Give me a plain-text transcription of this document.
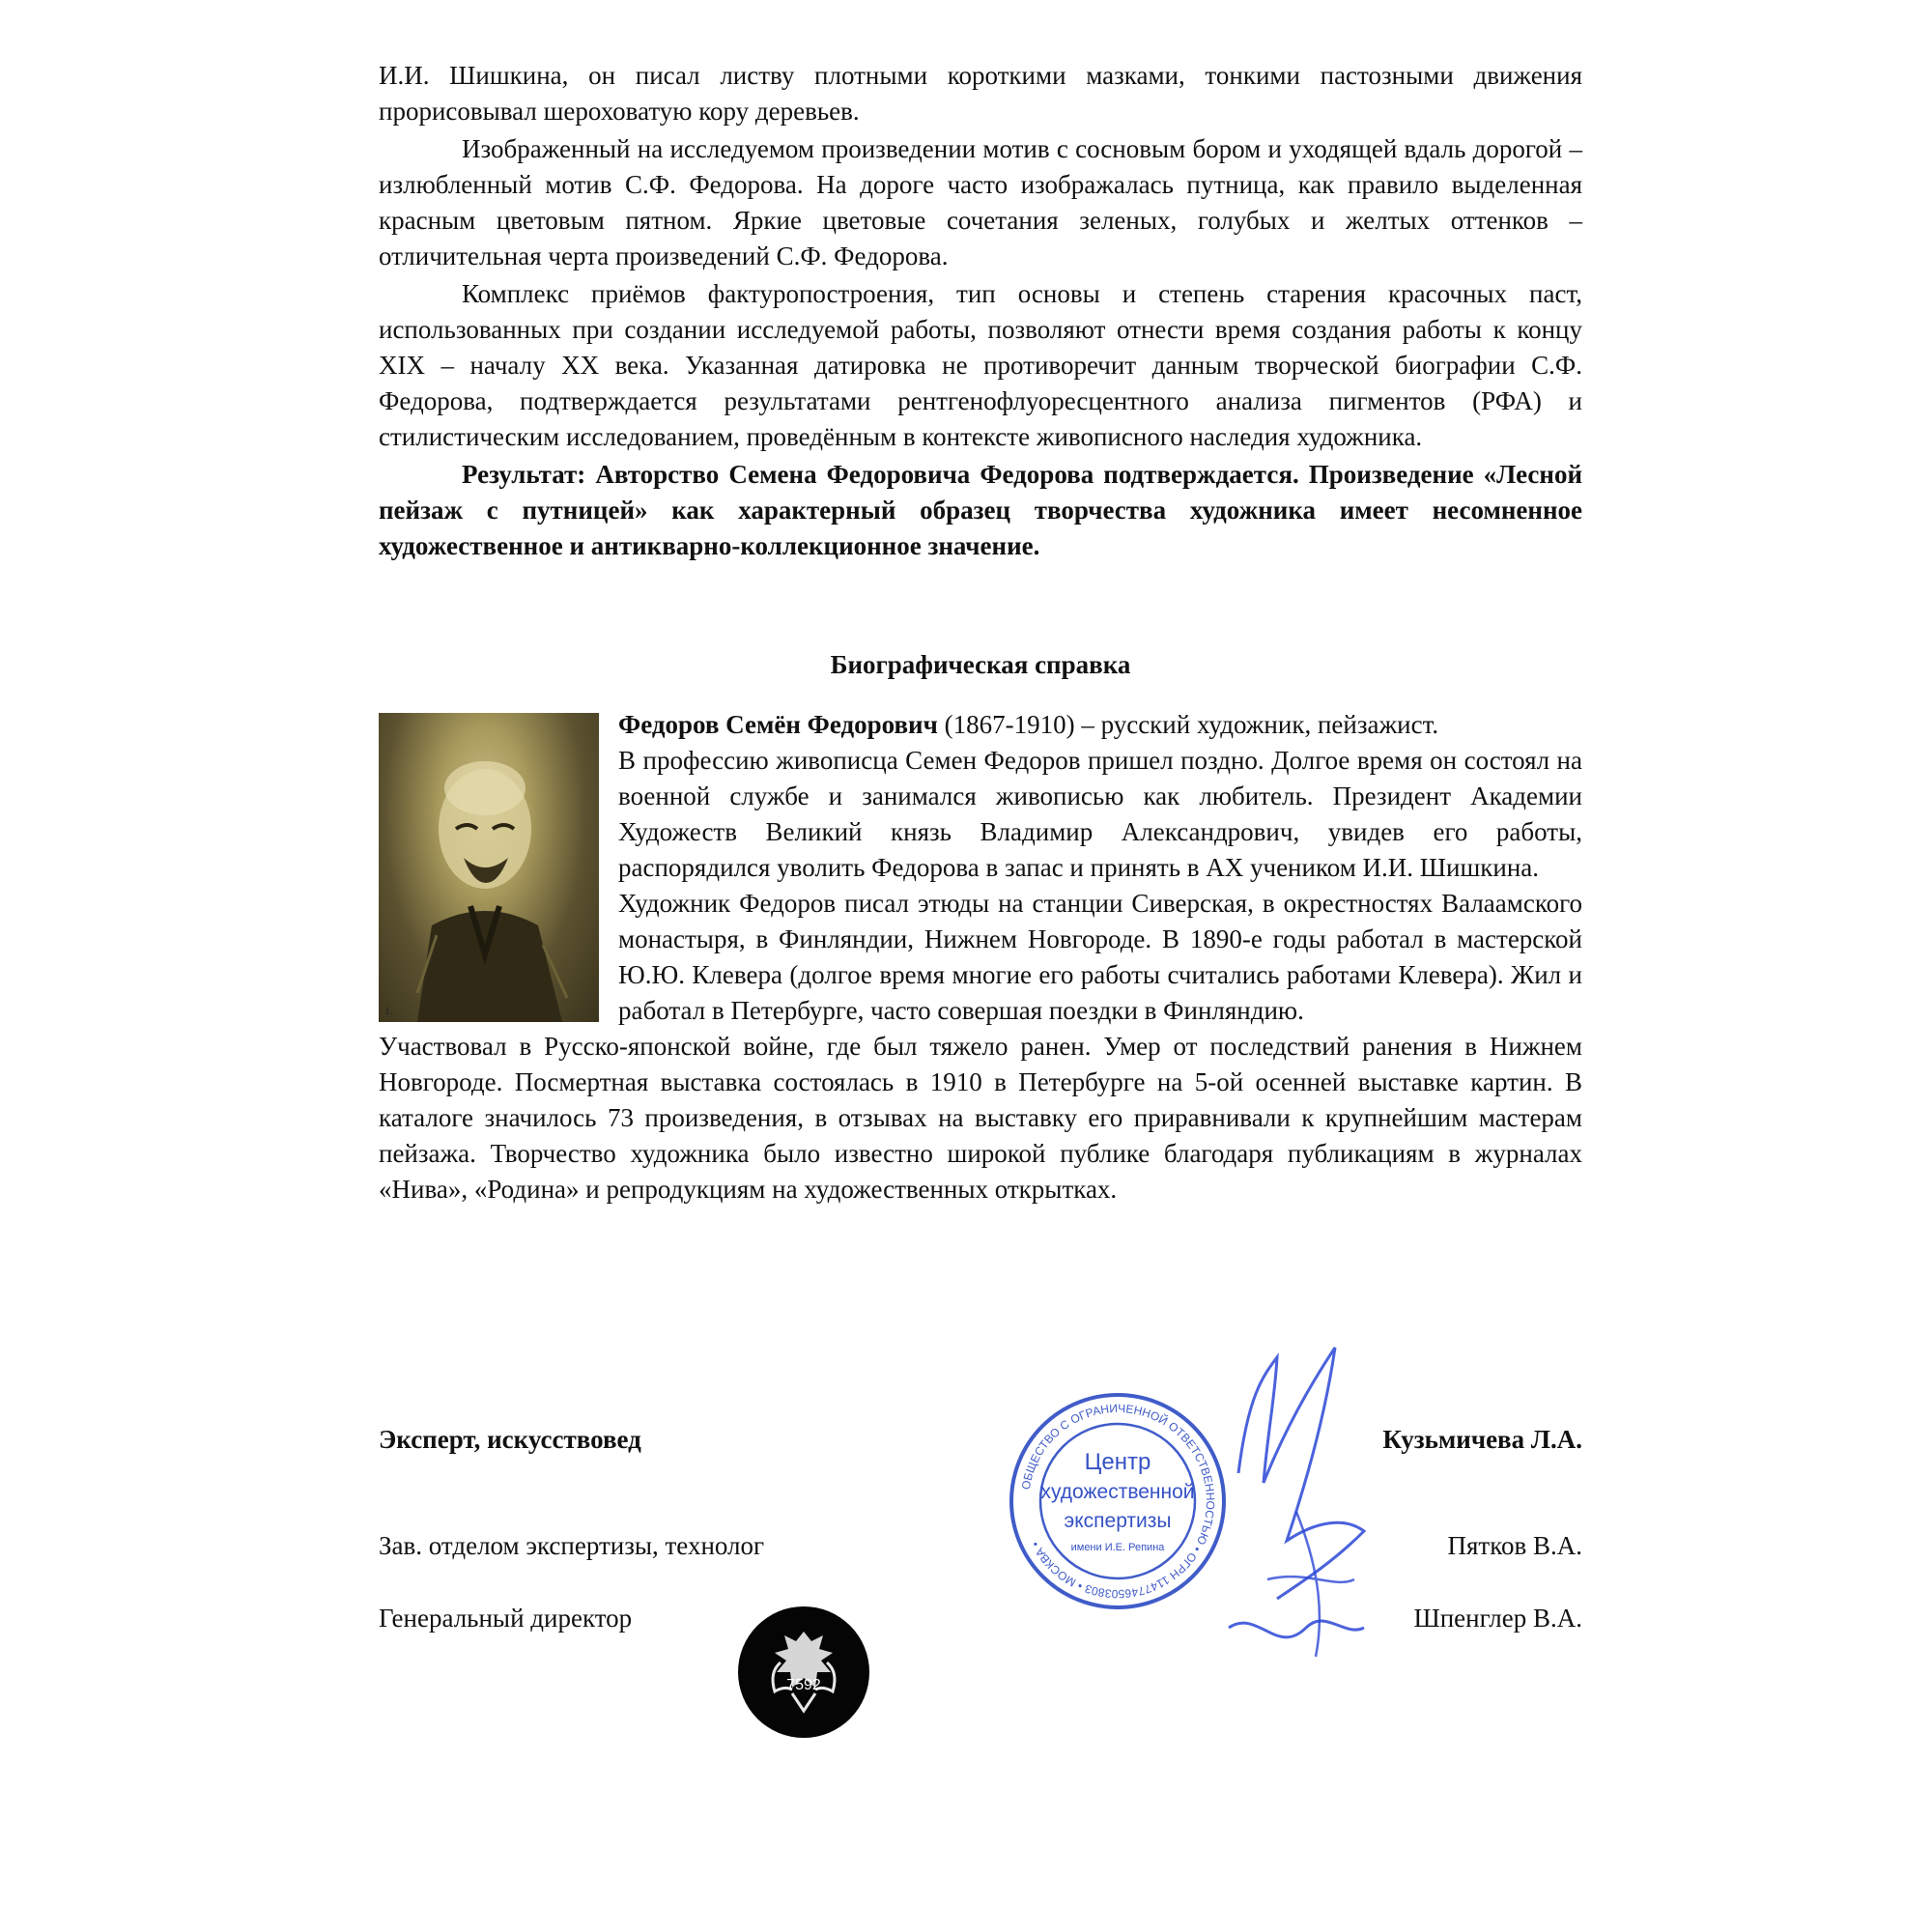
И.И. Шишкина, он писал листву плотными короткими мазками, тонкими пастозными движения прорисовывал шероховатую кору деревьев.

Изображенный на исследуемом произведении мотив с сосновым бором и уходящей вдаль дорогой – излюбленный мотив С.Ф. Федорова. На дороге часто изображалась путница, как правило выделенная красным цветовым пятном. Яркие цветовые сочетания зеленых, голубых и желтых оттенков – отличительная черта произведений С.Ф. Федорова.

Комплекс приёмов фактуропостроения, тип основы и степень старения красочных паст, использованных при создании исследуемой работы, позволяют отнести время создания работы к концу XIX – началу XX века. Указанная датировка не противоречит данным творческой биографии С.Ф. Федорова, подтверждается результатами рентгенофлуоресцентного анализа пигментов (РФА) и стилистическим исследованием, проведённым в контексте живописного наследия художника.

Результат: Авторство Семена Федоровича Федорова подтверждается. Произведение «Лесной пейзаж с путницей» как характерный образец творчества художника имеет несомненное художественное и антикварно-коллекционное значение.

Биографическая справка
1.

Федоров Семён Федорович (1867-1910) – русский художник, пейзажист.

В профессию живописца Семен Федоров пришел поздно. Долгое время он состоял на военной службе и занимался живописью как любитель. Президент Академии Художеств Великий князь Владимир Александрович, увидев его работы, распорядился уволить Федорова в запас и принять в АХ учеником И.И. Шишкина.

Художник Федоров писал этюды на станции Сиверская, в окрестностях Валаамского монастыря, в Финляндии, Нижнем Новгороде. В 1890-е годы работал в мастерской Ю.Ю. Клевера (долгое время многие его работы считались работами Клевера). Жил и работал в Петербурге, часто совершая поездки в Финляндию.

Участвовал в Русско-японской войне, где был тяжело ранен. Умер от последствий ранения в Нижнем Новгороде. Посмертная выставка состоялась в 1910 в Петербурге на 5-ой осенней выставке картин. В каталоге значилось 73 произведения, в отзывах на выставку его приравнивали к крупнейшим мастерам пейзажа. Творчество художника было известно широкой публике благодаря публикациям в журналах «Нива», «Родина» и репродукциям на художественных открытках.

Эксперт, искусствовед	Кузьмичева Л.А.
Зав. отделом экспертизы, технолог	Пятков В.А.
Генеральный директор	Шпенглер В.А.
ОБЩЕСТВО С ОГРАНИЧЕННОЙ ОТВЕТСТВЕННОСТЬЮ • ОГРН 1147746503803 • МОСКВА •
Центр
художественной
экспертизы
имени И.Е. Репина
7592
